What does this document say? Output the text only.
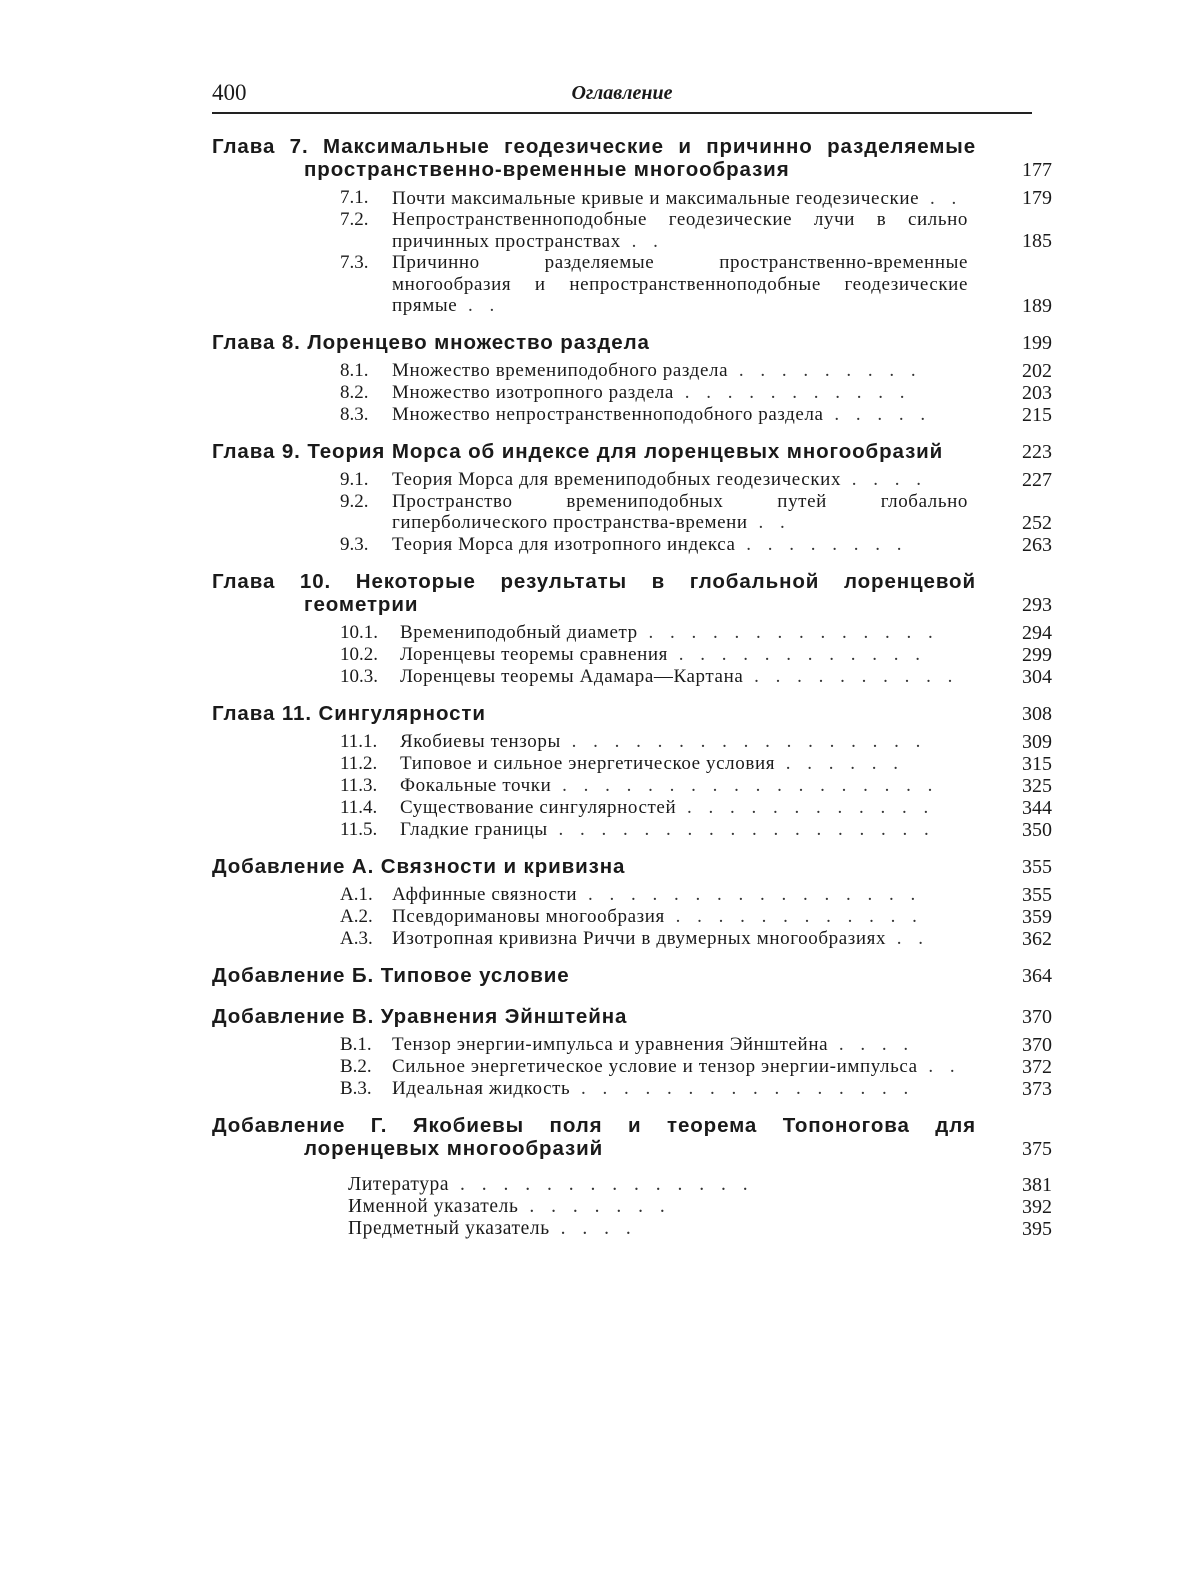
400	Оглавление
Глава 7. Максимальные геодезические и причинно разделяемые пространственно-временные многообразия	177
7.1.	Почти максимальные кривые и максимальные геодезические . .	179
7.2.	Непространственноподобные геодезические лучи в сильно причинных пространствах . .	185
7.3.	Причинно разделяемые пространственно-временные многообразия и непространственноподобные геодезические прямые . .	189
Глава 8. Лоренцево множество раздела	199
8.1.	Множество времениподобного раздела . . . . . . . . .	202
8.2.	Множество изотропного раздела . . . . . . . . . . .	203
8.3.	Множество непространственноподобного раздела . . . . .	215
Глава 9. Теория Морса об индексе для лоренцевых многообразий	223
9.1.	Теория Морса для времениподобных геодезических . . . .	227
9.2.	Пространство времениподобных путей глобально гиперболического пространства-времени . .	252
9.3.	Теория Морса для изотропного индекса . . . . . . . .	263
Глава 10. Некоторые результаты в глобальной лоренцевой геометрии	293
10.1.	Времениподобный диаметр . . . . . . . . . . . . . .	294
10.2.	Лоренцевы теоремы сравнения . . . . . . . . . . . .	299
10.3.	Лоренцевы теоремы Адамара—Картана . . . . . . . . . .	304
Глава 11. Сингулярности	308
11.1.	Якобиевы тензоры . . . . . . . . . . . . . . . . .	309
11.2.	Типовое и сильное энергетическое условия . . . . . .	315
11.3.	Фокальные точки . . . . . . . . . . . . . . . . . .	325
11.4.	Существование сингулярностей . . . . . . . . . . . .	344
11.5.	Гладкие границы . . . . . . . . . . . . . . . . . .	350
Добавление А. Связности и кривизна	355
A.1.	Аффинные связности . . . . . . . . . . . . . . . .	355
A.2.	Псевдоримановы многообразия . . . . . . . . . . . .	359
A.3.	Изотропная кривизна Риччи в двумерных многообразиях . .	362
Добавление Б. Типовое условие	364
Добавление В. Уравнения Эйнштейна	370
B.1.	Тензор энергии-импульса и уравнения Эйнштейна . . . .	370
B.2.	Сильное энергетическое условие и тензор энергии-импульса . .	372
B.3.	Идеальная жидкость . . . . . . . . . . . . . . . .	373
Добавление Г. Якобиевы поля и теорема Топоногова для лоренцевых многообразий	375
Литература . . . . . . . . . . . . . .	381
Именной указатель . . . . . . .	392
Предметный указатель . . . .	395
